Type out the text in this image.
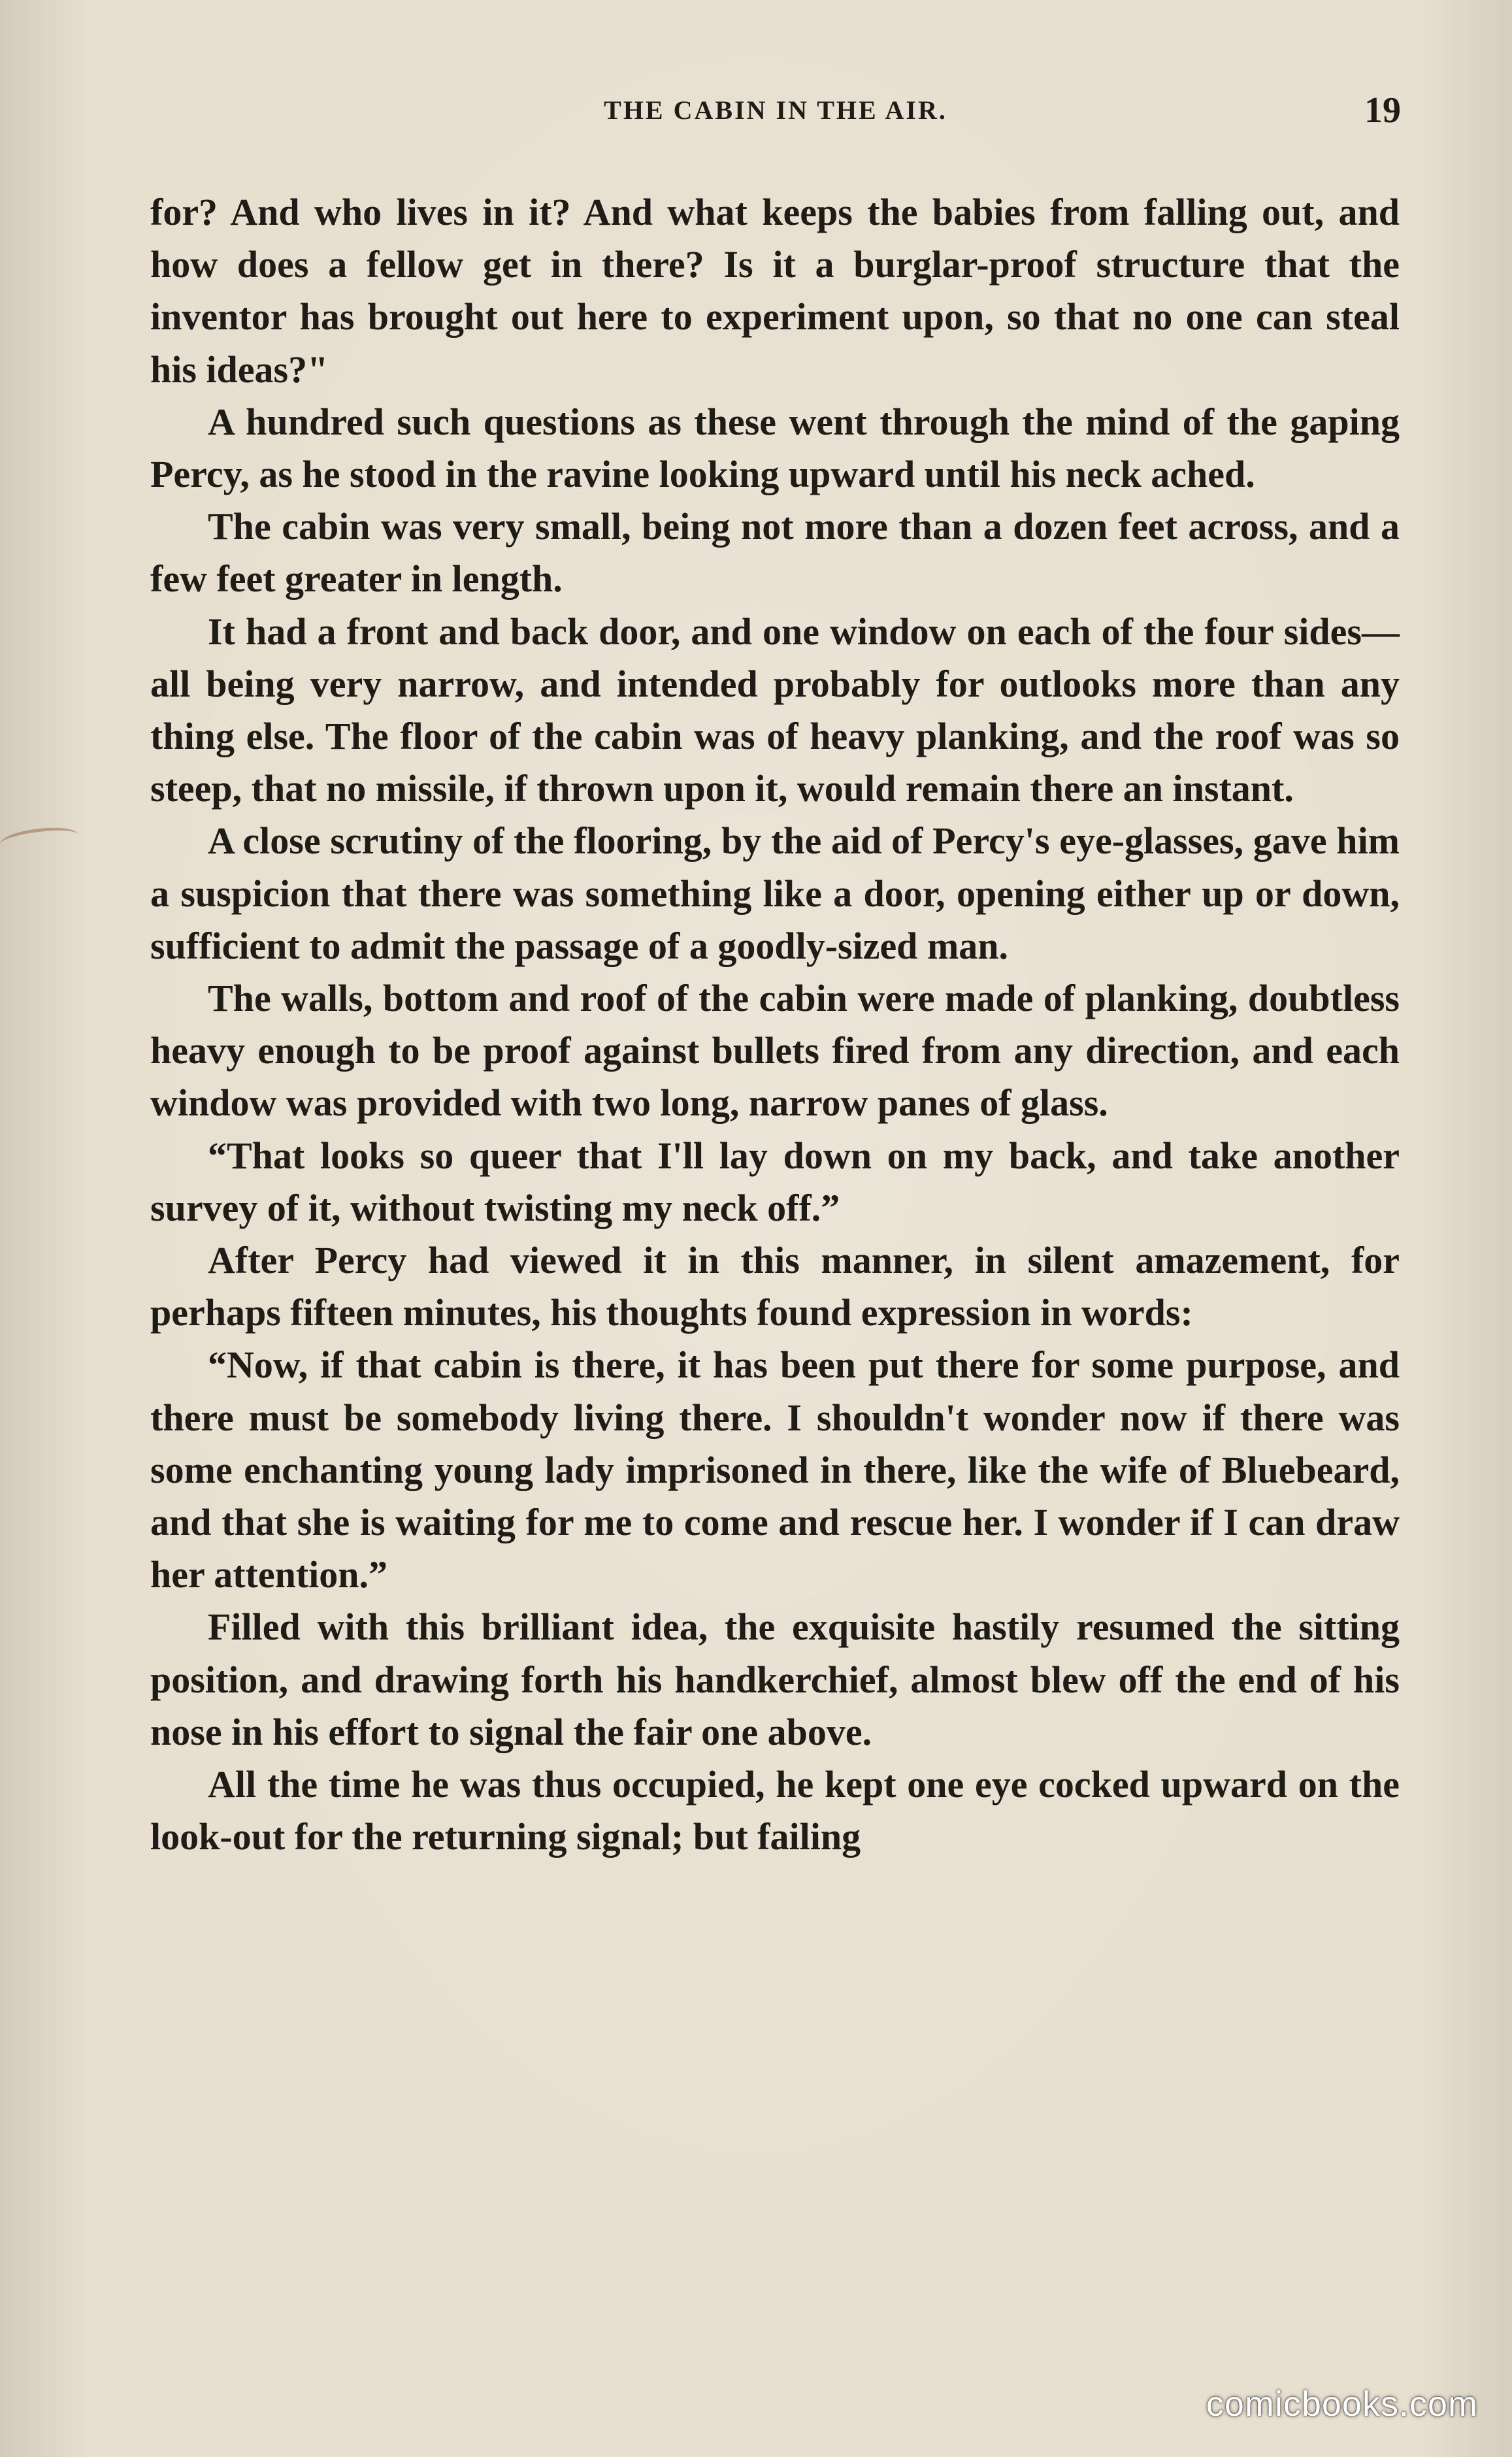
THE CABIN IN THE AIR.	19

for? And who lives in it? And what keeps the babies from falling out, and how does a fellow get in there? Is it a burglar-proof structure that the inventor has brought out here to experiment upon, so that no one can steal his ideas?"

A hundred such questions as these went through the mind of the gaping Percy, as he stood in the ravine looking upward until his neck ached.

The cabin was very small, being not more than a dozen feet across, and a few feet greater in length.

It had a front and back door, and one window on each of the four sides—all being very narrow, and intended probably for outlooks more than any thing else. The floor of the cabin was of heavy planking, and the roof was so steep, that no missile, if thrown upon it, would remain there an instant.

A close scrutiny of the flooring, by the aid of Percy's eye-glasses, gave him a suspicion that there was something like a door, opening either up or down, sufficient to admit the passage of a goodly-sized man.

The walls, bottom and roof of the cabin were made of planking, doubtless heavy enough to be proof against bullets fired from any direction, and each window was provided with two long, narrow panes of glass.

“That looks so queer that I'll lay down on my back, and take another survey of it, without twisting my neck off.”

After Percy had viewed it in this manner, in silent amazement, for perhaps fifteen minutes, his thoughts found expression in words:

“Now, if that cabin is there, it has been put there for some purpose, and there must be somebody living there. I shouldn't wonder now if there was some enchanting young lady imprisoned in there, like the wife of Bluebeard, and that she is waiting for me to come and rescue her. I wonder if I can draw her attention.”

Filled with this brilliant idea, the exquisite hastily resumed the sitting position, and drawing forth his handkerchief, almost blew off the end of his nose in his effort to signal the fair one above.

All the time he was thus occupied, he kept one eye cocked upward on the look-out for the returning signal; but failing

comicbooks.com
